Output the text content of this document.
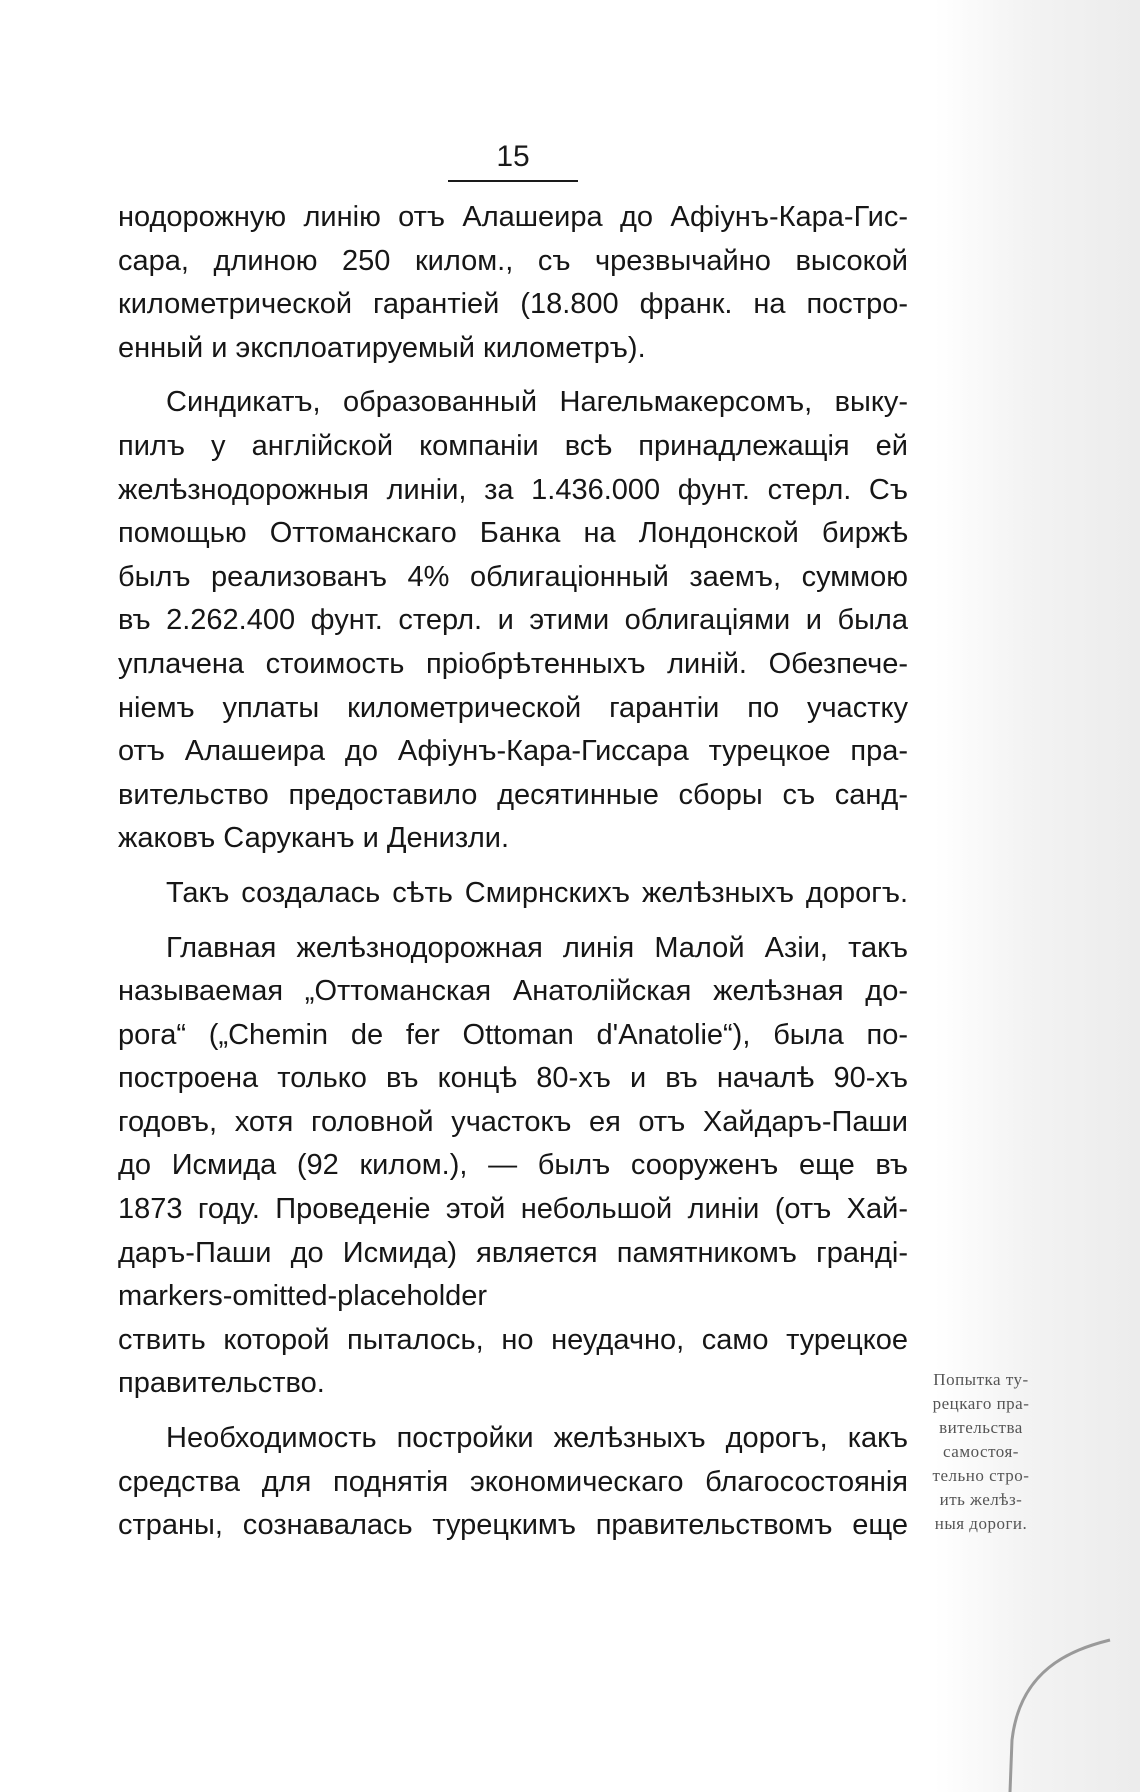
15
нодорожную линію отъ Алашеира до Афіунъ-Кара-Гис-
сара, длиною 250 килом., съ чрезвычайно высокой
километрической гарантіей (18.800 франк. на постро-
енный и эксплоатируемый километръ).
Синдикатъ, образованный Нагельмакерсомъ, выку-
пилъ у англійской компаніи всѣ принадлежащія ей
желѣзнодорожныя линіи, за 1.436.000 фунт. стерл. Съ
помощью Оттоманскаго Банка на Лондонской биржѣ
былъ реализованъ 4% облигаціонный заемъ, суммою
въ 2.262.400 фунт. стерл. и этими облигаціями и была
уплачена стоимость пріобрѣтенныхъ линій. Обезпече-
ніемъ уплаты километрической гарантіи по участку
отъ Алашеира до Афіунъ-Кара-Гиссара турецкое пра-
вительство предоставило десятинные сборы съ санд-
жаковъ Саруканъ и Денизли.
Такъ создалась сѣть Смирнскихъ желѣзныхъ дорогъ.
Главная желѣзнодорожная линія Малой Азіи, такъ
называемая „Оттоманская Анатолійская желѣзная до-
рога“ („Chemin de fer Ottoman d'Anatolie“), была по-
построена только въ концѣ 80-хъ и въ началѣ 90-хъ
годовъ, хотя головной участокъ ея отъ Хайдаръ-Паши
до Исмида (92 килом.), — былъ сооруженъ еще въ
1873 году. Проведеніе этой небольшой линіи (отъ Хай-
даръ-Паши до Исмида) является памятникомъ гранді-
markers-omitted-placeholder
ствить которой пыталось, но неудачно, само турецкое
правительство.
Необходимость постройки желѣзныхъ дорогъ, какъ
средства для поднятія экономическаго благосостоянія
страны, сознавалась турецкимъ правительствомъ еще
Попытка ту-
рецкаго пра-
вительства
самостоя-
тельно стро-
ить желѣз-
ныя дороги.
